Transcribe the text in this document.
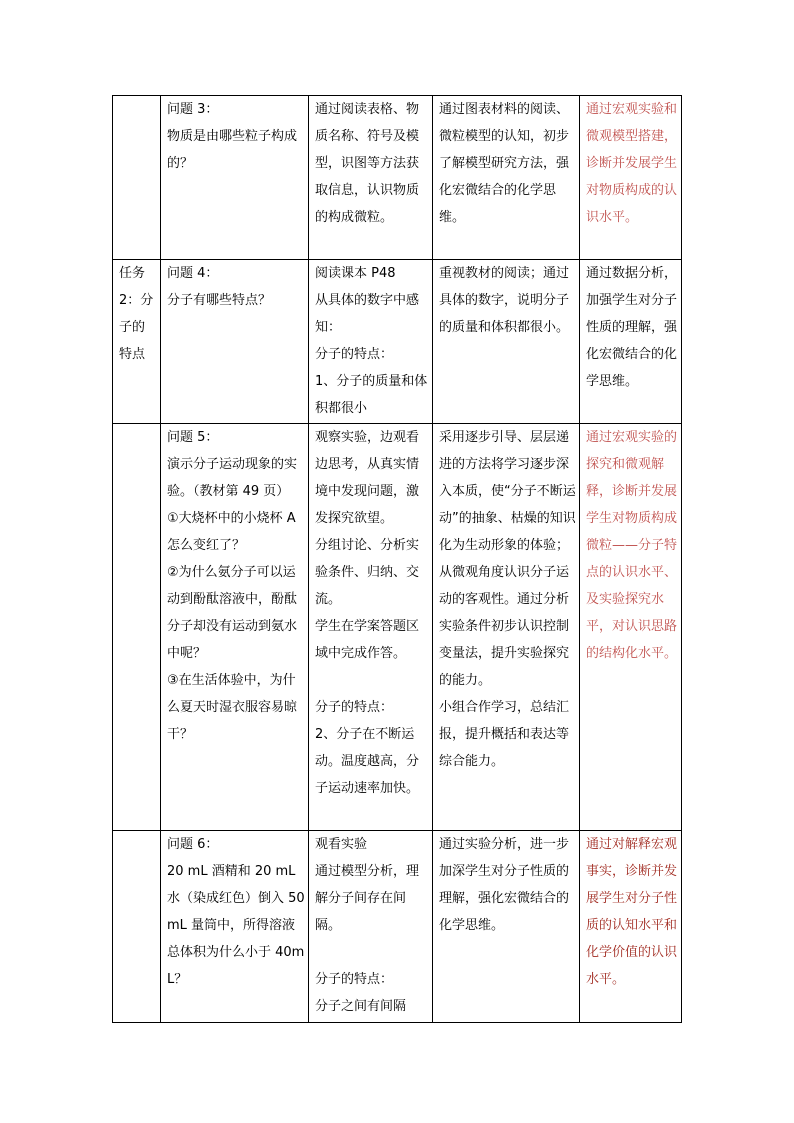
	问题 3：
物质是由哪些粒子构成的？	通过阅读表格、物质名称、符号及模型，识图等方法获取信息，认识物质的构成微粒。	通过图表材料的阅读、微粒模型的认知，初步了解模型研究方法，强化宏微结合的化学思维。	通过宏观实验和微观模型搭建，诊断并发展学生对物质构成的认识水平。

任务
2：分
子的
特点	问题 4：
分子有哪些特点？	阅读课本 P48
从具体的数字中感知：
分子的特点：
1、分子的质量和体积都很小	重视教材的阅读；通过具体的数字，说明分子的质量和体积都很小。	通过数据分析，加强学生对分子性质的理解，强化宏微结合的化学思维。

	问题 5：
演示分子运动现象的实验。（教材第 49 页）
①大烧杯中的小烧杯 A 怎么变红了？
②为什么氨分子可以运动到酚酞溶液中，酚酞分子却没有运动到氨水中呢？
③在生活体验中，为什么夏天时湿衣服容易晾干？	观察实验，边观看边思考，从真实情境中发现问题，激发探究欲望。
分组讨论、分析实验条件、归纳、交流。
学生在学案答题区域中完成作答。
分子的特点：
2、分子在不断运动。温度越高，分子运动速率加快。	采用逐步引导、层层递进的方法将学习逐步深入本质，使“分子不断运动”的抽象、枯燥的知识化为生动形象的体验；从微观角度认识分子运动的客观性。通过分析实验条件初步认识控制变量法，提升实验探究的能力。
小组合作学习，总结汇报，提升概括和表达等综合能力。	通过宏观实验的探究和微观解释，诊断并发展学生对物质构成微粒——分子特点的认识水平、及实验探究水平，对认识思路的结构化水平。

	问题 6：
20 mL 酒精和 20 mL 水（染成红色）倒入 50mL 量筒中，所得溶液总体积为什么小于 40mL？	观看实验
通过模型分析，理解分子间存在间隔。
分子的特点：
分子之间有间隔	通过实验分析，进一步加深学生对分子性质的理解，强化宏微结合的化学思维。	通过对解释宏观事实，诊断并发展学生对分子性质的认知水平和化学价值的认识水平。
